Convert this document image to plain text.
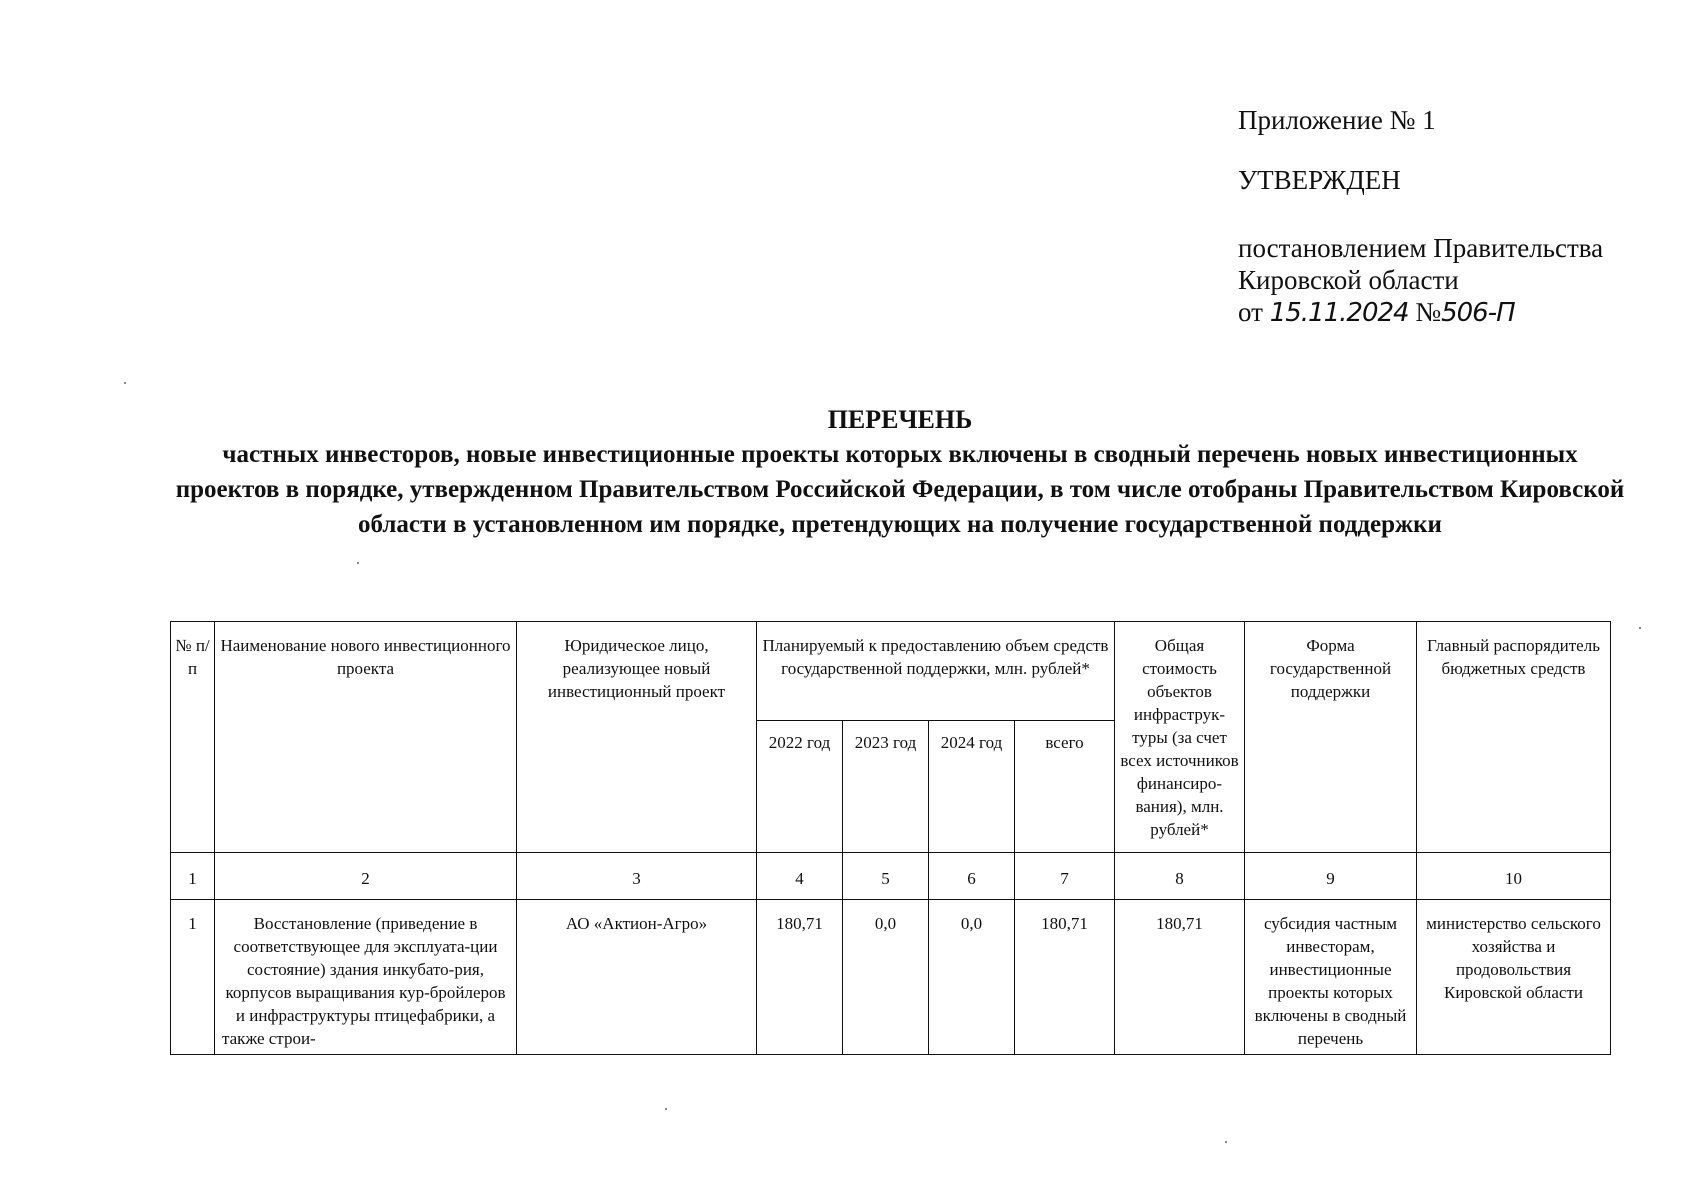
Приложение № 1
УТВЕРЖДЕН
постановлением Правительства
Кировской области
от 15.11.2024 №506-П
ПЕРЕЧЕНЬ
частных инвесторов, новые инвестиционные проекты которых включены в сводный перечень новых инвестиционных проектов в порядке, утвержденном Правительством Российской Федерации, в том числе отобраны Правительством Кировской области в установленном им порядке, претендующих на получение государственной поддержки
№ п/п	Наименование нового инвестиционного проекта	Юридическое лицо, реализующее новый инвестиционный проект	Планируемый к предоставлению объем средств государственной поддержки, млн. рублей*				Общая стоимость объектов инфраструк-туры (за счет всех источников финансиро-вания), млн. рублей*	Форма государственной поддержки	Главный распорядитель бюджетных средств
			2022 год	2023 год	2024 год	всего			
1	2	3	4	5	6	7	8	9	10
1	Восстановление (приведение в соответствующее для эксплуата-ции состояние) здания инкубато-рия, корпусов выращивания кур-бройлеров и инфраструктуры птицефабрики, а также строи-	АО «Актион-Агро»	180,71	0,0	0,0	180,71	180,71	субсидия частным инвесторам, инвестиционные проекты которых включены в сводный перечень	министерство сельского хозяйства и продовольствия Кировской области
